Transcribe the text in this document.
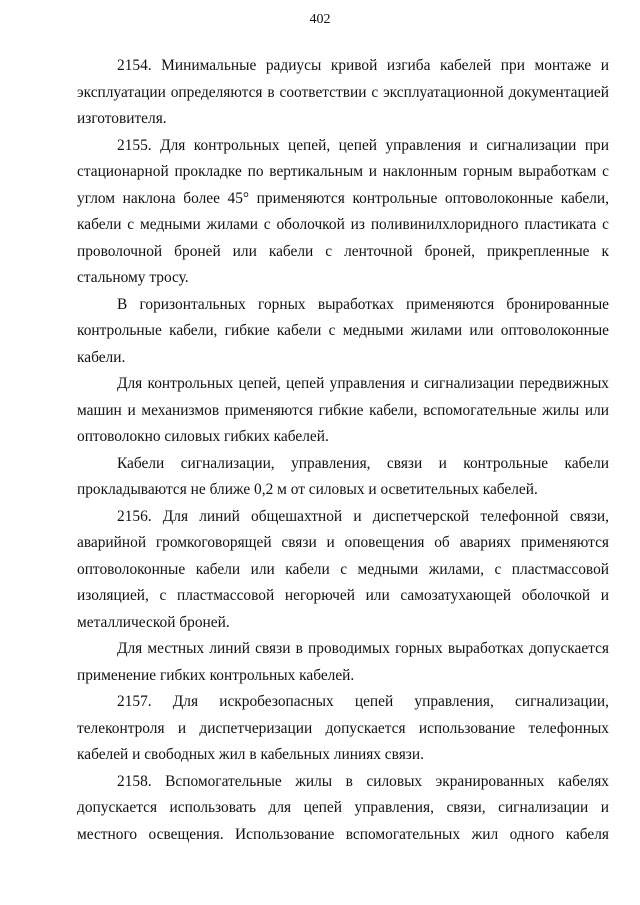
402

2154. Минимальные радиусы кривой изгиба кабелей при монтаже и эксплуатации определяются в соответствии с эксплуатационной документацией изготовителя.

2155. Для контрольных цепей, цепей управления и сигнализации при стационарной прокладке по вертикальным и наклонным горным выработкам с углом наклона более 45° применяются контрольные оптоволоконные кабели, кабели с медными жилами с оболочкой из поливинилхлоридного пластиката с проволочной броней или кабели с ленточной броней, прикрепленные к стальному тросу.

В горизонтальных горных выработках применяются бронированные контрольные кабели, гибкие кабели с медными жилами или оптоволоконные кабели.

Для контрольных цепей, цепей управления и сигнализации передвижных машин и механизмов применяются гибкие кабели, вспомогательные жилы или оптоволокно силовых гибких кабелей.

Кабели сигнализации, управления, связи и контрольные кабели прокладываются не ближе 0,2 м от силовых и осветительных кабелей.

2156. Для линий общешахтной и диспетчерской телефонной связи, аварийной громкоговорящей связи и оповещения об авариях применяются оптоволоконные кабели или кабели с медными жилами, с пластмассовой изоляцией, с пластмассовой негорючей или самозатухающей оболочкой и металлической броней.

Для местных линий связи в проводимых горных выработках допускается применение гибких контрольных кабелей.

2157. Для искробезопасных цепей управления, сигнализации, телеконтроля и диспетчеризации допускается использование телефонных кабелей и свободных жил в кабельных линиях связи.

2158. Вспомогательные жилы в силовых экранированных кабелях допускается использовать для цепей управления, связи, сигнализации и местного освещения. Использование вспомогательных жил одного кабеля
